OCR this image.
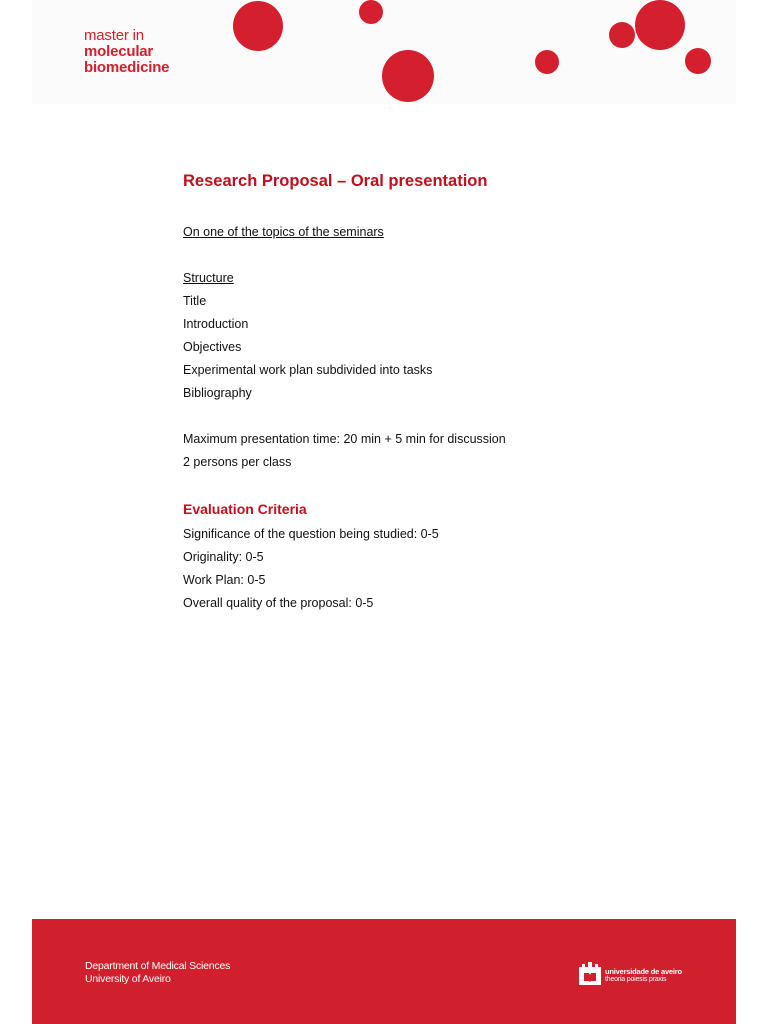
master in
molecular
biomedicine
Research Proposal – Oral presentation
On one of the topics of the seminars
Structure
Title
Introduction
Objectives
Experimental work plan subdivided into tasks
Bibliography
Maximum presentation time: 20 min + 5 min for discussion
2 persons per class
Evaluation Criteria
Significance of the question being studied: 0-5
Originality: 0-5
Work Plan: 0-5
Overall quality of the proposal: 0-5
Department of Medical Sciences
University of Aveiro
universidade de aveiro
theoria poiesis praxis
